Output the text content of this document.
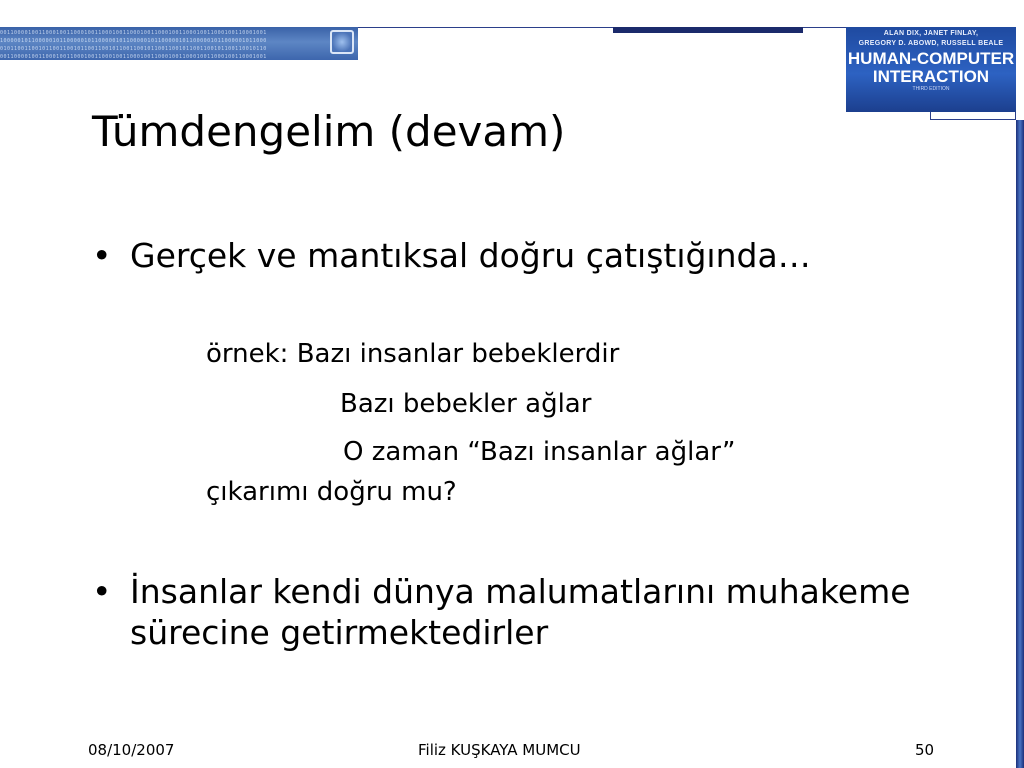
0011000010011000100110001001100010011000100110001001100010011000100110001001
1000001011000001011000001011000001011000001011000001011000001011000001011000
0101100110010110011001011001100101100110010110011001011001100101100110010110
0011000010011000100110001001100010011000100110001001100010011000100110001001
ALAN DIX, JANET FINLAY,
GREGORY D. ABOWD, RUSSELL BEALE
HUMAN-COMPUTER
INTERACTION
THIRD EDITION
Tümdengelim (devam)
• Gerçek ve mantıksal doğru çatıştığında…
örnek: Bazı insanlar bebeklerdir
Bazı bebekler ağlar
O zaman “Bazı insanlar ağlar”
çıkarımı doğru mu?
• İnsanlar kendi dünya malumatlarını muhakeme sürecine getirmektedirler
08/10/2007	Filiz KUŞKAYA MUMCU	50
